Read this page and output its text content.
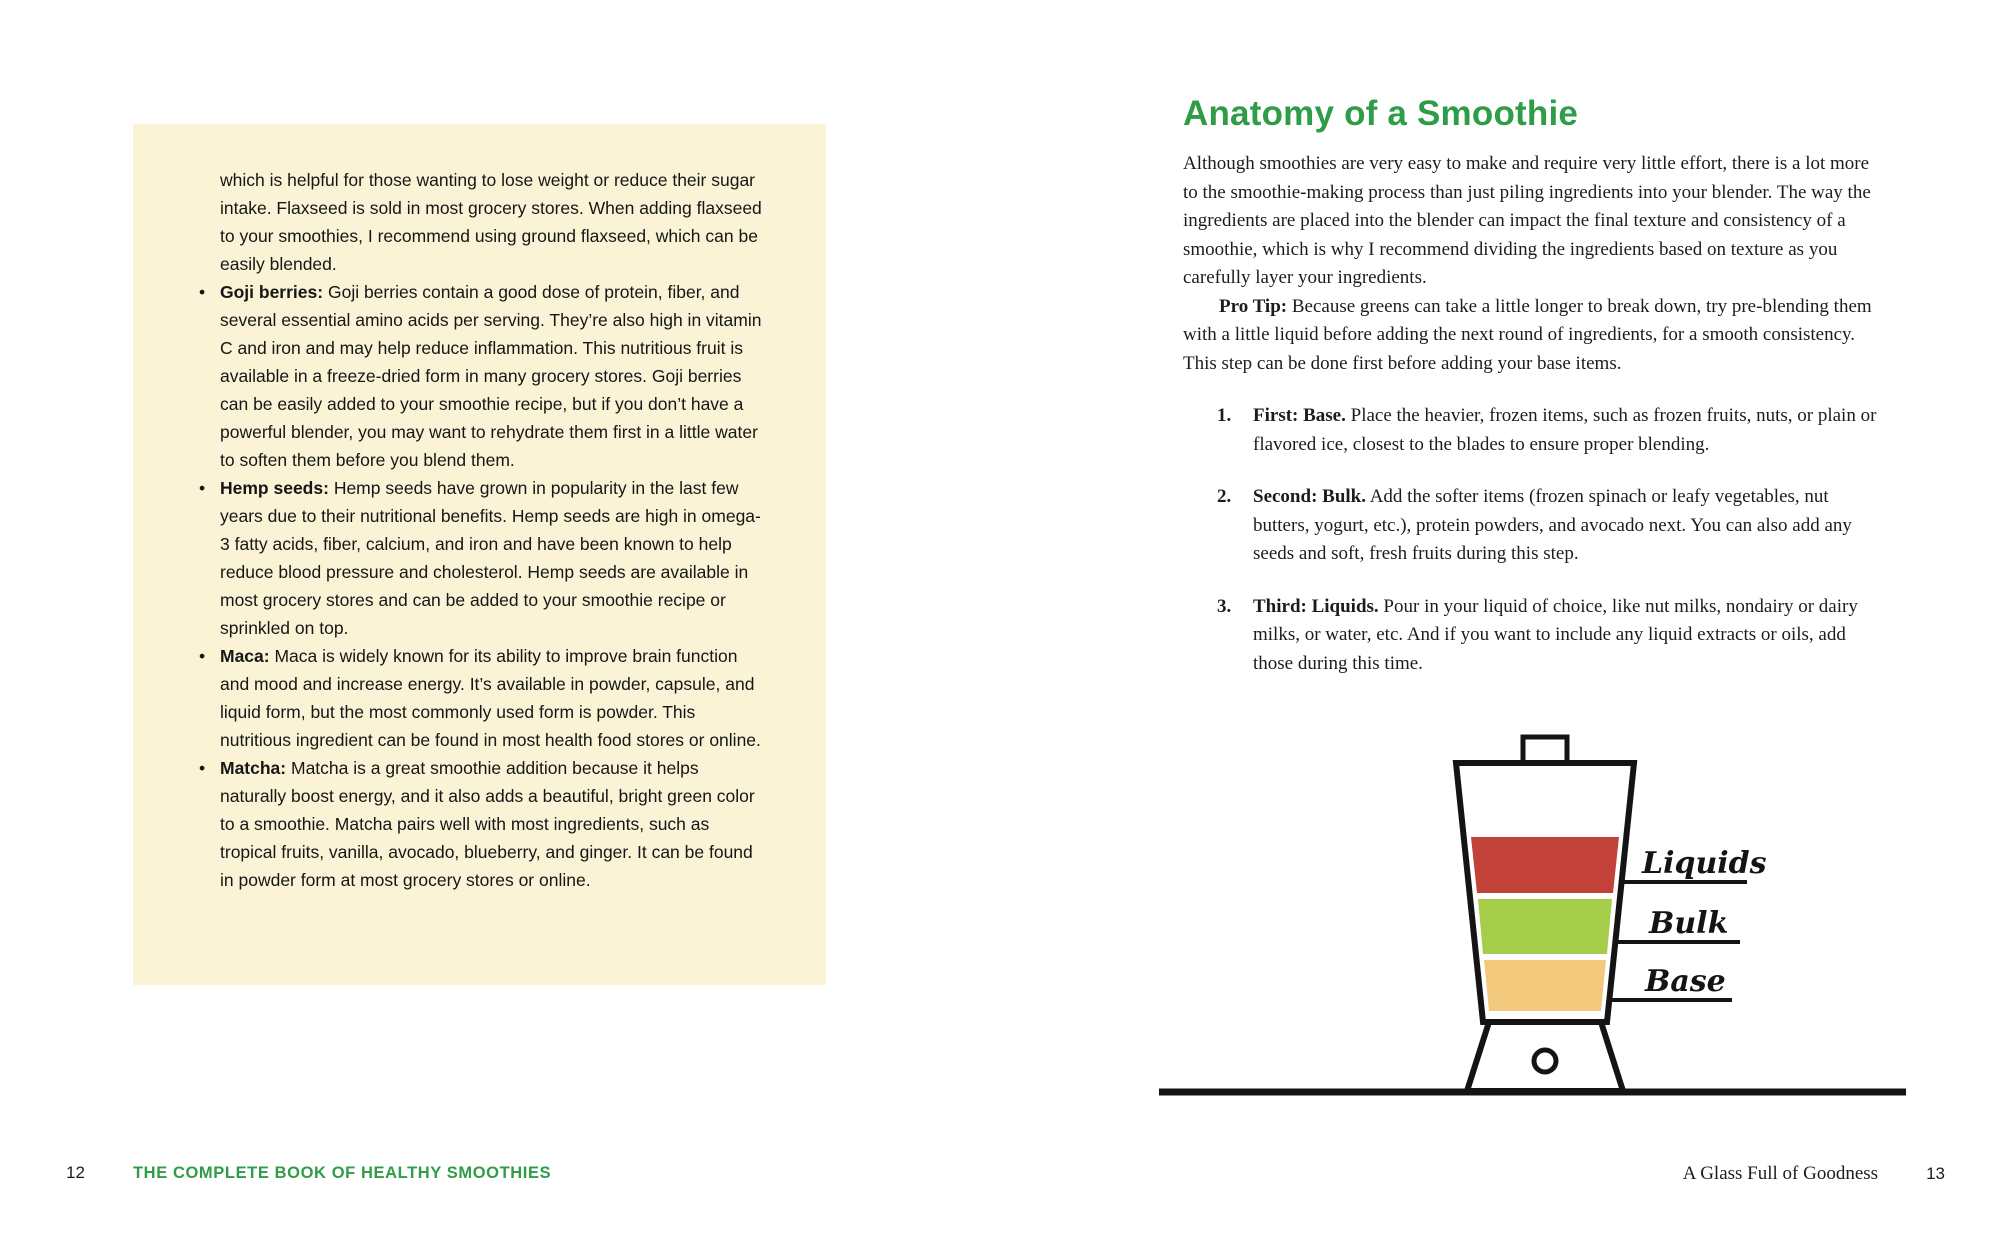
which is helpful for those wanting to lose weight or reduce their sugar intake. Flaxseed is sold in most grocery stores. When adding flaxseed to your smoothies, I recommend using ground flaxseed, which can be easily blended.

• Goji berries: Goji berries contain a good dose of protein, fiber, and several essential amino acids per serving. They’re also high in vitamin C and iron and may help reduce inflammation. This nutritious fruit is available in a freeze-dried form in many grocery stores. Goji berries can be easily added to your smoothie recipe, but if you don’t have a powerful blender, you may want to rehydrate them first in a little water to soften them before you blend them.
• Hemp seeds: Hemp seeds have grown in popularity in the last few years due to their nutritional benefits. Hemp seeds are high in omega-3 fatty acids, fiber, calcium, and iron and have been known to help reduce blood pressure and cholesterol. Hemp seeds are available in most grocery stores and can be added to your smoothie recipe or sprinkled on top.
• Maca: Maca is widely known for its ability to improve brain function and mood and increase energy. It’s available in powder, capsule, and liquid form, but the most commonly used form is powder. This nutritious ingredient can be found in most health food stores or online.
• Matcha: Matcha is a great smoothie addition because it helps naturally boost energy, and it also adds a beautiful, bright green color to a smoothie. Matcha pairs well with most ingredients, such as tropical fruits, vanilla, avocado, blueberry, and ginger. It can be found in powder form at most grocery stores or online.
12	THE COMPLETE BOOK OF HEALTHY SMOOTHIES
Anatomy of a Smoothie

Although smoothies are very easy to make and require very little effort, there is a lot more to the smoothie-making process than just piling ingredients into your blender. The way the ingredients are placed into the blender can impact the final texture and consistency of a smoothie, which is why I recommend dividing the ingredients based on texture as you carefully layer your ingredients.

Pro Tip: Because greens can take a little longer to break down, try pre-blending them with a little liquid before adding the next round of ingredients, for a smooth consistency. This step can be done first before adding your base items.

1. First: Base. Place the heavier, frozen items, such as frozen fruits, nuts, or plain or flavored ice, closest to the blades to ensure proper blending.
2. Second: Bulk. Add the softer items (frozen spinach or leafy vegetables, nut butters, yogurt, etc.), protein powders, and avocado next. You can also add any seeds and soft, fresh fruits during this step.
3. Third: Liquids. Pour in your liquid of choice, like nut milks, nondairy or dairy milks, or water, etc. And if you want to include any liquid extracts or oils, add those during this time.
Liquids
Bulk
Base
A Glass Full of Goodness	13
